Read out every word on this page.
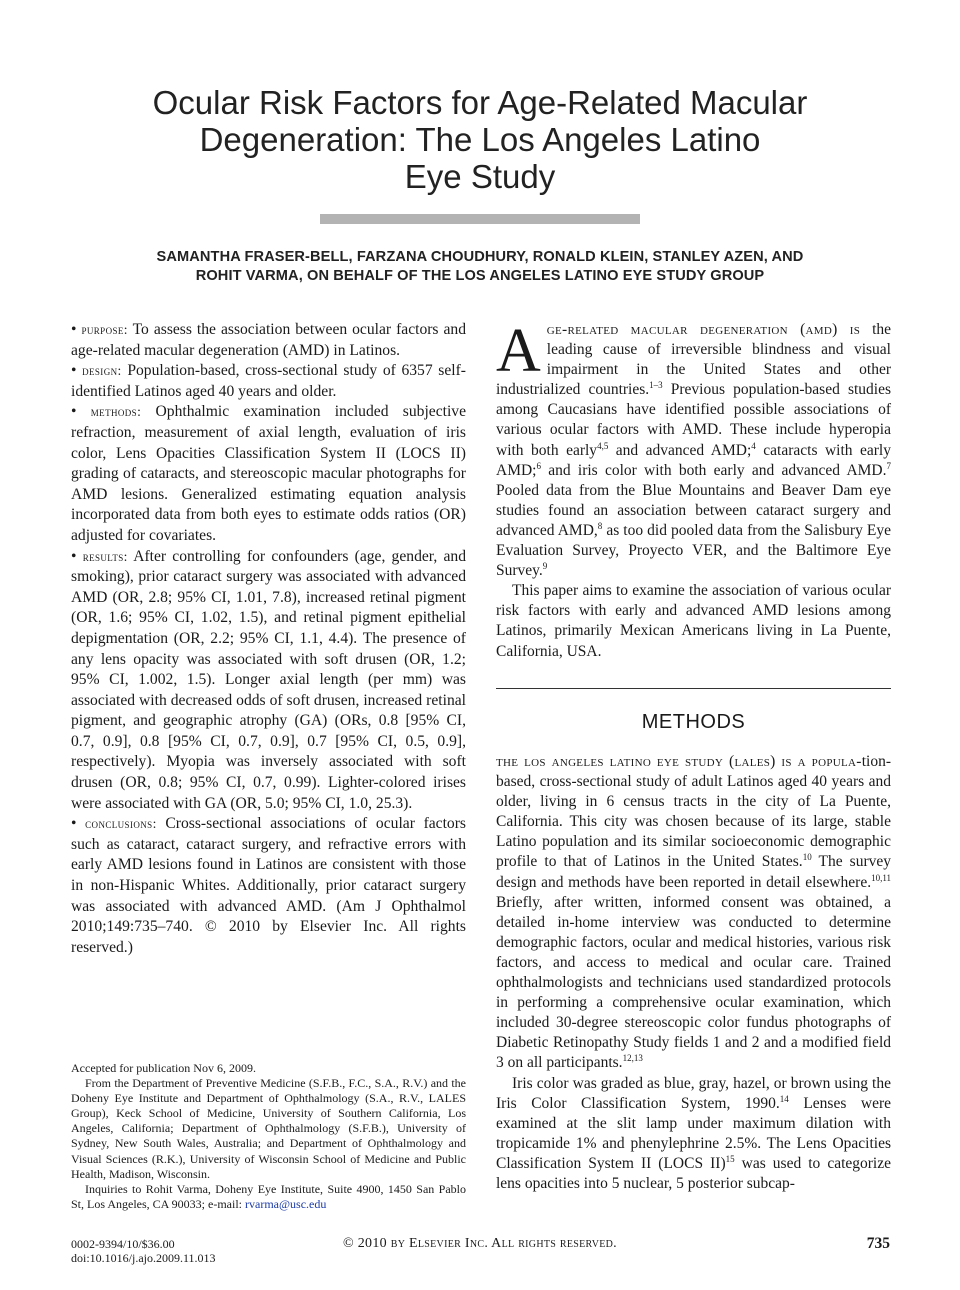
Ocular Risk Factors for Age-Related Macular
Degeneration: The Los Angeles Latino
Eye Study
SAMANTHA FRASER-BELL, FARZANA CHOUDHURY, RONALD KLEIN, STANLEY AZEN, AND
ROHIT VARMA, ON BEHALF OF THE LOS ANGELES LATINO EYE STUDY GROUP

• purpose: To assess the association between ocular factors and age-related macular degeneration (AMD) in Latinos.

• design: Population-based, cross-sectional study of 6357 self-identified Latinos aged 40 years and older.

• methods: Ophthalmic examination included subjective refraction, measurement of axial length, evaluation of iris color, Lens Opacities Classification System II (LOCS II) grading of cataracts, and stereoscopic macular photographs for AMD lesions. Generalized estimating equation analysis incorporated data from both eyes to estimate odds ratios (OR) adjusted for covariates.

• results: After controlling for confounders (age, gender, and smoking), prior cataract surgery was associated with advanced AMD (OR, 2.8; 95% CI, 1.01, 7.8), increased retinal pigment (OR, 1.6; 95% CI, 1.02, 1.5), and retinal pigment epithelial depigmentation (OR, 2.2; 95% CI, 1.1, 4.4). The presence of any lens opacity was associated with soft drusen (OR, 1.2; 95% CI, 1.002, 1.5). Longer axial length (per mm) was associated with decreased odds of soft drusen, increased retinal pigment, and geographic atrophy (GA) (ORs, 0.8 [95% CI, 0.7, 0.9], 0.8 [95% CI, 0.7, 0.9], 0.7 [95% CI, 0.5, 0.9], respectively). Myopia was inversely associated with soft drusen (OR, 0.8; 95% CI, 0.7, 0.99). Lighter-colored irises were associated with GA (OR, 5.0; 95% CI, 1.0, 25.3).

• conclusions: Cross-sectional associations of ocular factors such as cataract, cataract surgery, and refractive errors with early AMD lesions found in Latinos are consistent with those in non-Hispanic Whites. Additionally, prior cataract surgery was associated with advanced AMD. (Am J Ophthalmol 2010;149:735–740. © 2010 by Elsevier Inc. All rights reserved.)

Age-related macular degeneration (amd) is the leading cause of irreversible blindness and visual impairment in the United States and other industrialized countries.$^{1-3}$ Previous population-based studies among Caucasians have identified possible associations of various ocular factors with AMD. These include hyperopia with both early$^{4,5}$ and advanced AMD;$^4$ cataracts with early AMD;$^6$ and iris color with both early and advanced AMD.$^7$ Pooled data from the Blue Mountains and Beaver Dam eye studies found an association between cataract surgery and advanced AMD,$^8$ as too did pooled data from the Salisbury Eye Evaluation Survey, Proyecto VER, and the Baltimore Eye Survey.$^9$

This paper aims to examine the association of various ocular risk factors with early and advanced AMD lesions among Latinos, primarily Mexican Americans living in La Puente, California, USA.

METHODS

the los angeles latino eye study (lales) is a popula-tion-based, cross-sectional study of adult Latinos aged 40 years and older, living in 6 census tracts in the city of La Puente, California. This city was chosen because of its large, stable Latino population and its similar socioeconomic demographic profile to that of Latinos in the United States.$^{10}$ The survey design and methods have been reported in detail elsewhere.$^{10,11}$ Briefly, after written, informed consent was obtained, a detailed in-home interview was conducted to determine demographic factors, ocular and medical histories, various risk factors, and access to medical and ocular care. Trained ophthalmologists and technicians used standardized protocols in performing a comprehensive ocular examination, which included 30-degree stereoscopic color fundus photographs of Diabetic Retinopathy Study fields 1 and 2 and a modified field 3 on all participants.$^{12,13}$

Iris color was graded as blue, gray, hazel, or brown using the Iris Color Classification System, 1990.14 Lenses were examined at the slit lamp under maximum dilation with tropicamide 1% and phenylephrine 2.5%. The Lens Opacities Classification System II (LOCS II)$^{15}$ was used to categorize lens opacities into 5 nuclear, 5 posterior subcap-

Accepted for publication Nov 6, 2009.

From the Department of Preventive Medicine (S.F.B., F.C., S.A., R.V.) and the Doheny Eye Institute and Department of Ophthalmology (S.A., R.V., LALES Group), Keck School of Medicine, University of Southern California, Los Angeles, California; Department of Ophthalmology (S.F.B.), University of Sydney, New South Wales, Australia; and Department of Ophthalmology and Visual Sciences (R.K.), University of Wisconsin School of Medicine and Public Health, Madison, Wisconsin.

Inquiries to Rohit Varma, Doheny Eye Institute, Suite 4900, 1450 San Pablo St, Los Angeles, CA 90033; e-mail: rvarma@usc.edu

0002-9394/10/$36.00
doi:10.1016/j.ajo.2009.11.013
© 2010 by Elsevier Inc. All rights reserved.	735
